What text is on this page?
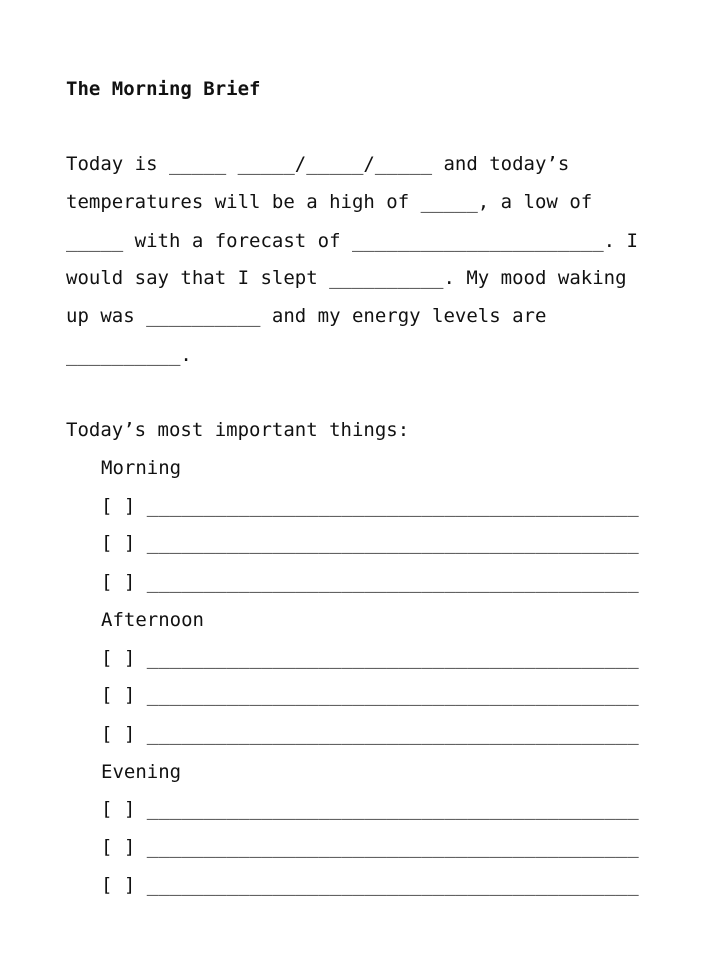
The Morning Brief
Today is _____ _____/_____/_____ and today’s
temperatures will be a high of _____, a low of
_____ with a forecast of ______________________. I
would say that I slept __________. My mood waking
up was __________ and my energy levels are
__________.
Today’s most important things:
Morning
[ ]
___________________________________________
[ ]
___________________________________________
[ ]
___________________________________________
Afternoon
[ ]
___________________________________________
[ ]
___________________________________________
[ ]
___________________________________________
Evening
[ ]
___________________________________________
[ ]
___________________________________________
[ ]
___________________________________________
